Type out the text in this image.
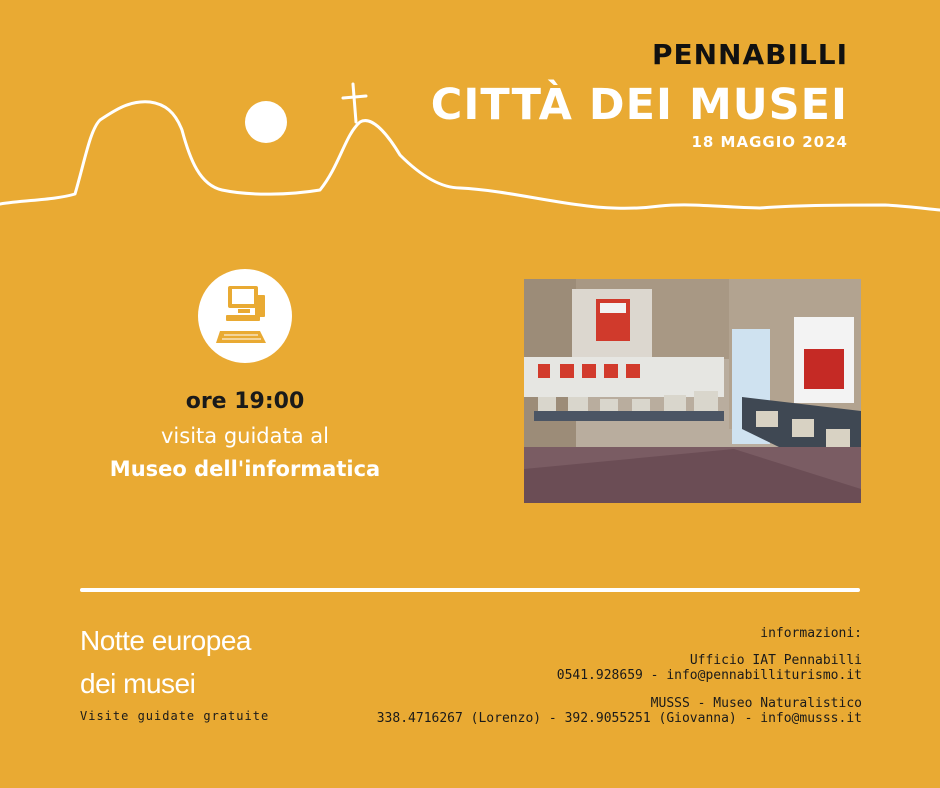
PENNABILLI
CITTÀ DEI MUSEI
18 MAGGIO 2024
ore 19:00
visita guidata al
Museo dell'informatica
Notte europea
dei musei
Visite guidate gratuite
informazioni:
Ufficio IAT Pennabilli
0541.928659 - info@pennabilliturismo.it
MUSSS - Museo Naturalistico
338.4716267 (Lorenzo) - 392.9055251 (Giovanna) - info@musss.it
